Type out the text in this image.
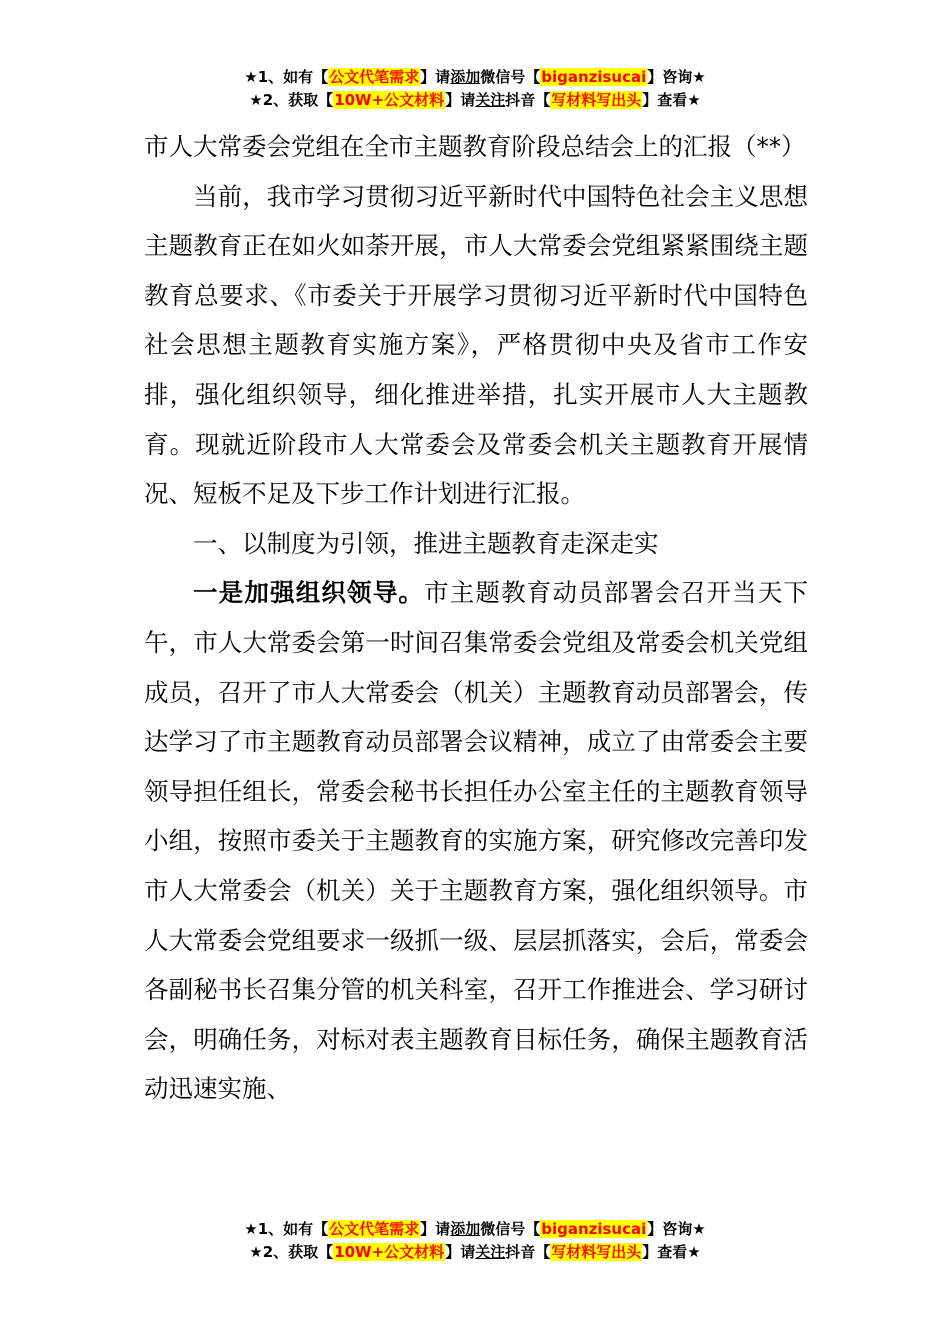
★1、如有【公文代笔需求】请添加微信号【biganzisucai】咨询★
★2、获取【10W+公文材料】请关注抖音【写材料写出头】查看★

市人大常委会党组在全市主题教育阶段总结会上的汇报（**）

当前，我市学习贯彻习近平新时代中国特色社会主义思想主题教育正在如火如荼开展，市人大常委会党组紧紧围绕主题教育总要求、《市委关于开展学习贯彻习近平新时代中国特色社会思想主题教育实施方案》，严格贯彻中央及省市工作安排，强化组织领导，细化推进举措，扎实开展市人大主题教育。现就近阶段市人大常委会及常委会机关主题教育开展情况、短板不足及下步工作计划进行汇报。

一、以制度为引领，推进主题教育走深走实

一是加强组织领导。市主题教育动员部署会召开当天下午，市人大常委会第一时间召集常委会党组及常委会机关党组成员，召开了市人大常委会（机关）主题教育动员部署会，传达学习了市主题教育动员部署会议精神，成立了由常委会主要领导担任组长，常委会秘书长担任办公室主任的主题教育领导小组，按照市委关于主题教育的实施方案，研究修改完善印发市人大常委会（机关）关于主题教育方案，强化组织领导。市人大常委会党组要求一级抓一级、层层抓落实，会后，常委会各副秘书长召集分管的机关科室，召开工作推进会、学习研讨会，明确任务，对标对表主题教育目标任务，确保主题教育活动迅速实施、

★1、如有【公文代笔需求】请添加微信号【biganzisucai】咨询★
★2、获取【10W+公文材料】请关注抖音【写材料写出头】查看★
